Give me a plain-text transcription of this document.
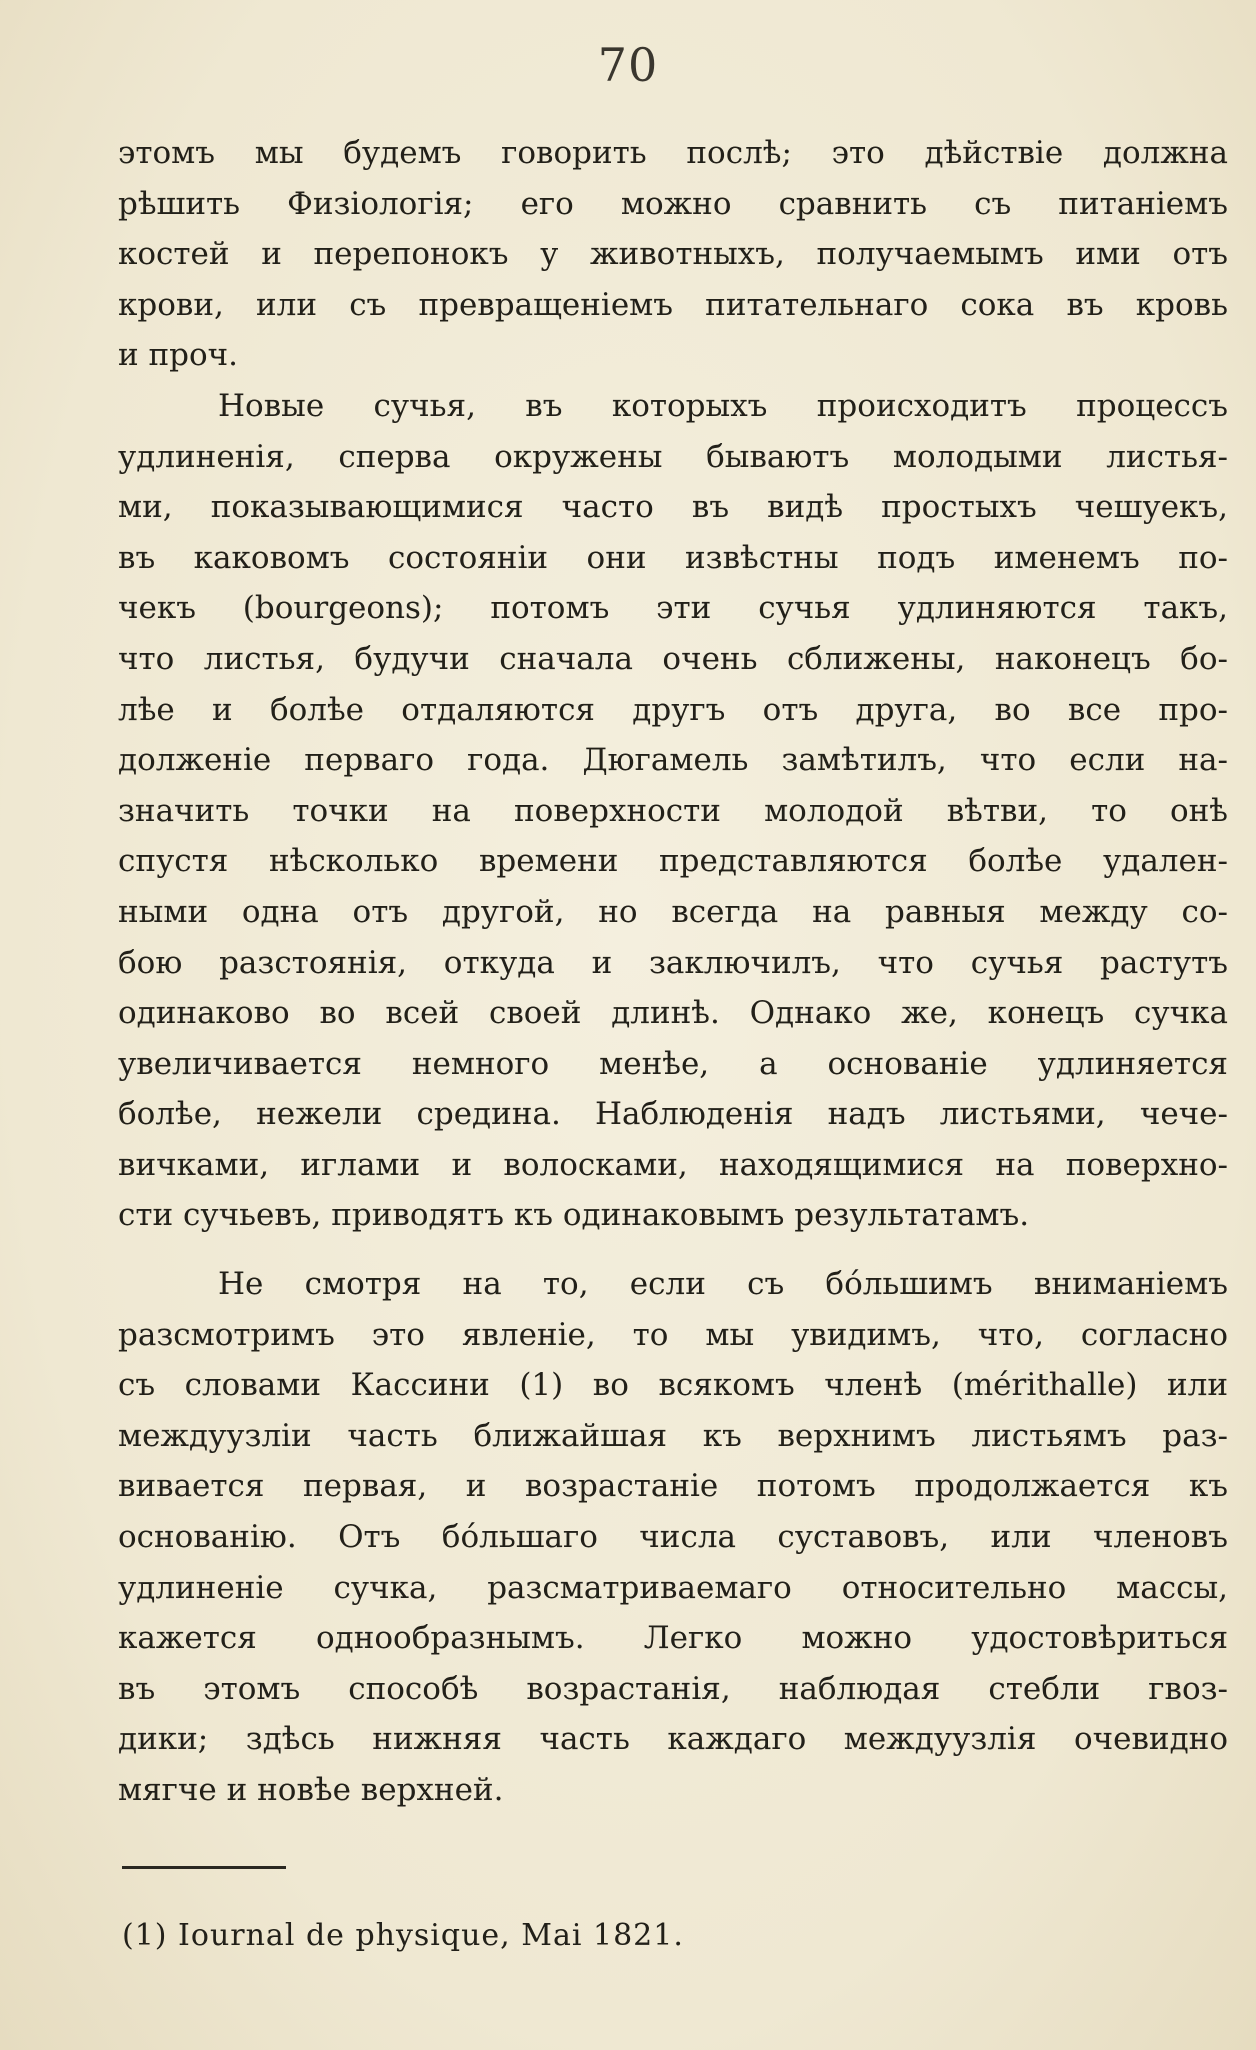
70
этомъ мы будемъ говорить послѣ; это дѣйствіе должна
рѣшить Физіологія; его можно сравнить съ питаніемъ
костей и перепонокъ у животныхъ, получаемымъ ими отъ
крови, или съ превращеніемъ питательнаго сока въ кровь
и проч.
Новые сучья, въ которыхъ происходитъ процессъ
удлиненія, сперва окружены бываютъ молодыми листья-
ми, показывающимися часто въ видѣ простыхъ чешуекъ,
въ каковомъ состояніи они извѣстны подъ именемъ по-
чекъ (bourgeons); потомъ эти сучья удлиняются такъ,
что листья, будучи сначала очень сближены, наконецъ бо-
лѣе и болѣе отдаляются другъ отъ друга, во все про-
долженіе перваго года. Дюгамель замѣтилъ, что если на-
значить точки на поверхности молодой вѣтви, то онѣ
спустя нѣсколько времени представляются болѣе удален-
ными одна отъ другой, но всегда на равныя между со-
бою разстоянія, откуда и заключилъ, что сучья растутъ
одинаково во всей своей длинѣ. Однако же, конецъ сучка
увеличивается немного менѣе, а основаніе удлиняется
болѣе, нежели средина. Наблюденія надъ листьями, чече-
вичками, иглами и волосками, находящимися на поверхно-
сти сучьевъ, приводятъ къ одинаковымъ результатамъ.
Не смотря на то, если съ бо́льшимъ вниманіемъ
разсмотримъ это явленіе, то мы увидимъ, что, согласно
съ словами Кассини (1) во всякомъ членѣ (mérithalle) или
междуузліи часть ближайшая къ верхнимъ листьямъ раз-
вивается первая, и возрастаніе потомъ продолжается къ
основанію. Отъ бо́льшаго числа суставовъ, или членовъ
удлиненіе сучка, разсматриваемаго относительно массы,
кажется однообразнымъ. Легко можно удостовѣриться
въ этомъ способѣ возрастанія, наблюдая стебли гвоз-
дики; здѣсь нижняя часть каждаго междуузлія очевидно
мягче и новѣе верхней.
(1) Iournal de physique, Mai 1821.
